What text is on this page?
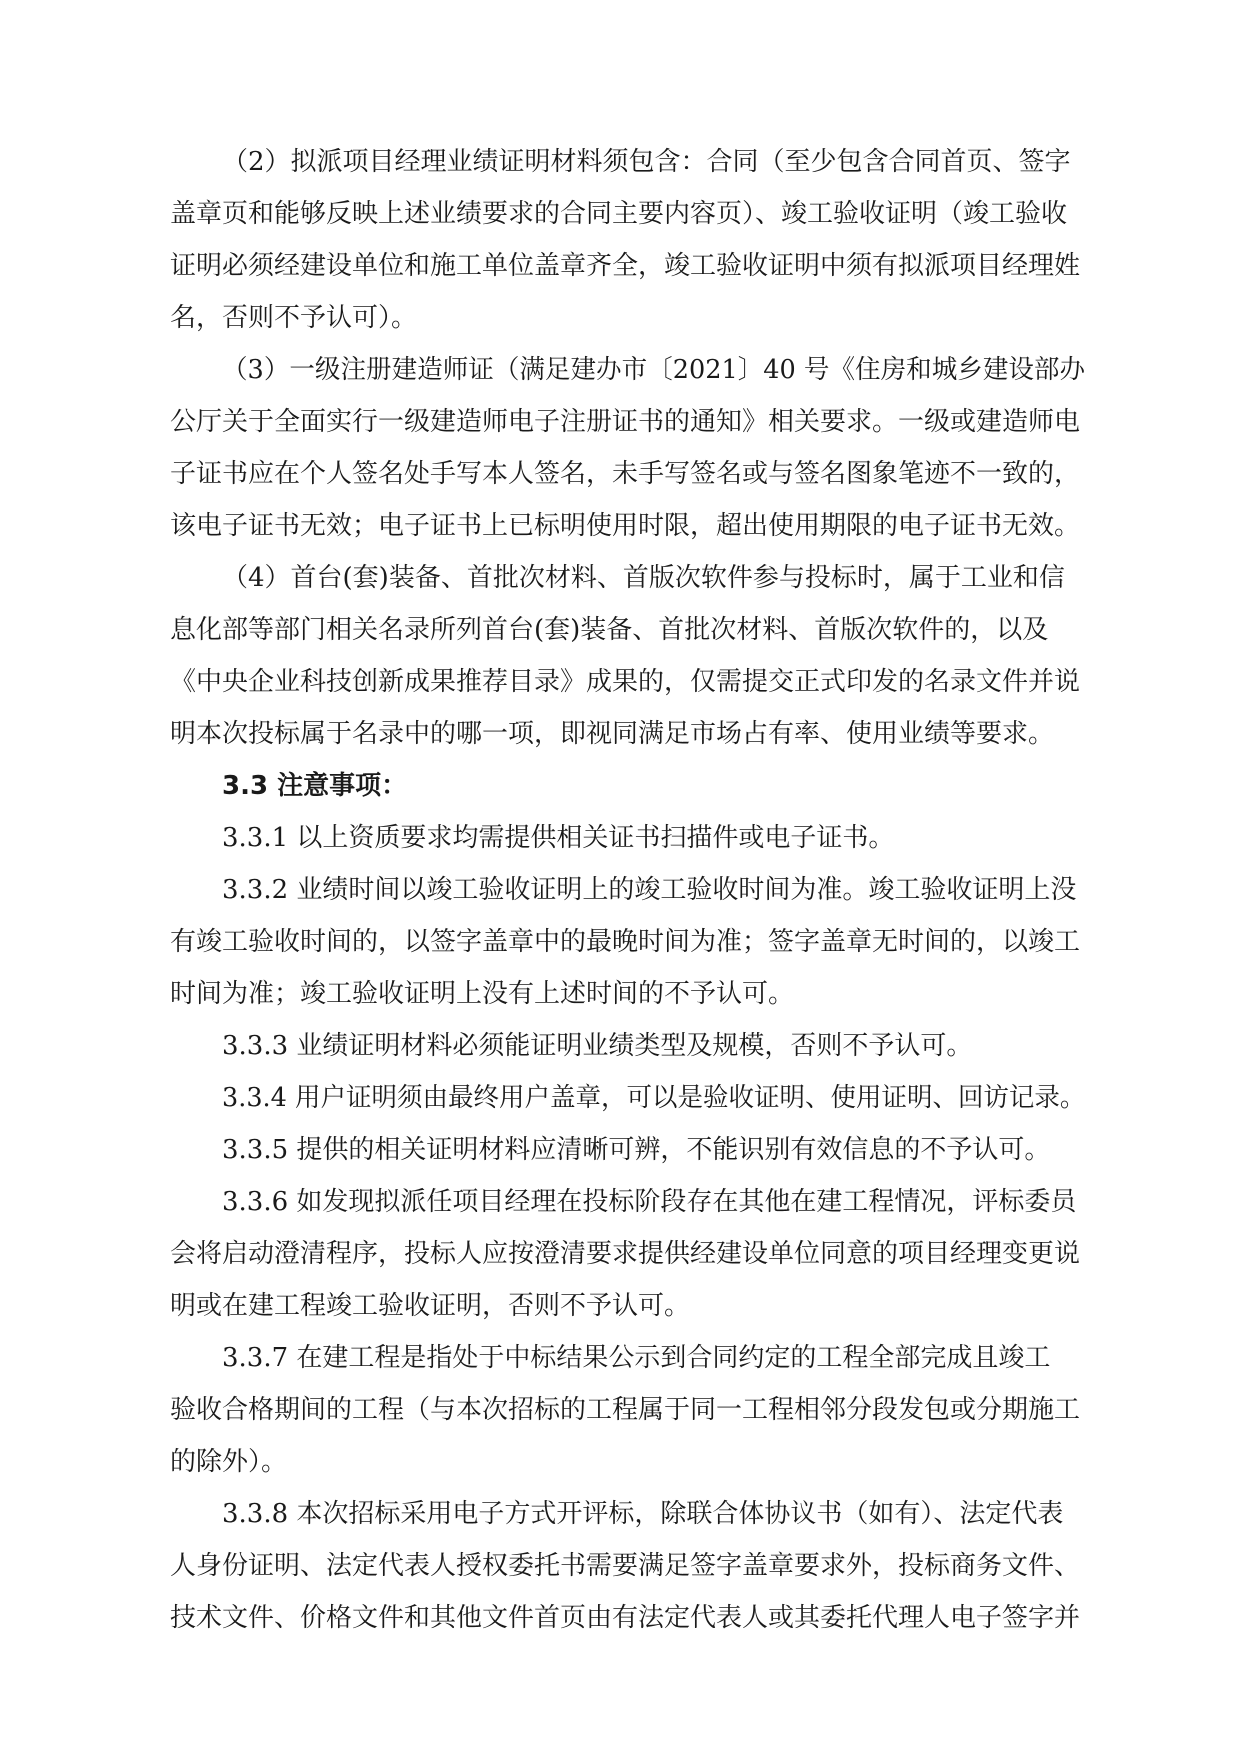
（2）拟派项目经理业绩证明材料须包含：合同（至少包含合同首页、签字
盖章页和能够反映上述业绩要求的合同主要内容页）、竣工验收证明（竣工验收
证明必须经建设单位和施工单位盖章齐全，竣工验收证明中须有拟派项目经理姓
名，否则不予认可）。
（3）一级注册建造师证（满足建办市〔2021〕40 号《住房和城乡建设部办
公厅关于全面实行一级建造师电子注册证书的通知》相关要求。一级或建造师电
子证书应在个人签名处手写本人签名，未手写签名或与签名图象笔迹不一致的，
该电子证书无效；电子证书上已标明使用时限，超出使用期限的电子证书无效。
（4）首台(套)装备、首批次材料、首版次软件参与投标时，属于工业和信
息化部等部门相关名录所列首台(套)装备、首批次材料、首版次软件的，以及
《中央企业科技创新成果推荐目录》成果的，仅需提交正式印发的名录文件并说
明本次投标属于名录中的哪一项，即视同满足市场占有率、使用业绩等要求。
3.3 注意事项：
3.3.1 以上资质要求均需提供相关证书扫描件或电子证书。
3.3.2 业绩时间以竣工验收证明上的竣工验收时间为准。竣工验收证明上没
有竣工验收时间的，以签字盖章中的最晚时间为准；签字盖章无时间的，以竣工
时间为准；竣工验收证明上没有上述时间的不予认可。
3.3.3 业绩证明材料必须能证明业绩类型及规模，否则不予认可。
3.3.4 用户证明须由最终用户盖章，可以是验收证明、使用证明、回访记录。
3.3.5 提供的相关证明材料应清晰可辨，不能识别有效信息的不予认可。
3.3.6 如发现拟派任项目经理在投标阶段存在其他在建工程情况，评标委员
会将启动澄清程序，投标人应按澄清要求提供经建设单位同意的项目经理变更说
明或在建工程竣工验收证明，否则不予认可。
3.3.7 在建工程是指处于中标结果公示到合同约定的工程全部完成且竣工
验收合格期间的工程（与本次招标的工程属于同一工程相邻分段发包或分期施工
的除外）。
3.3.8 本次招标采用电子方式开评标，除联合体协议书（如有）、法定代表
人身份证明、法定代表人授权委托书需要满足签字盖章要求外，投标商务文件、
技术文件、价格文件和其他文件首页由有法定代表人或其委托代理人电子签字并
